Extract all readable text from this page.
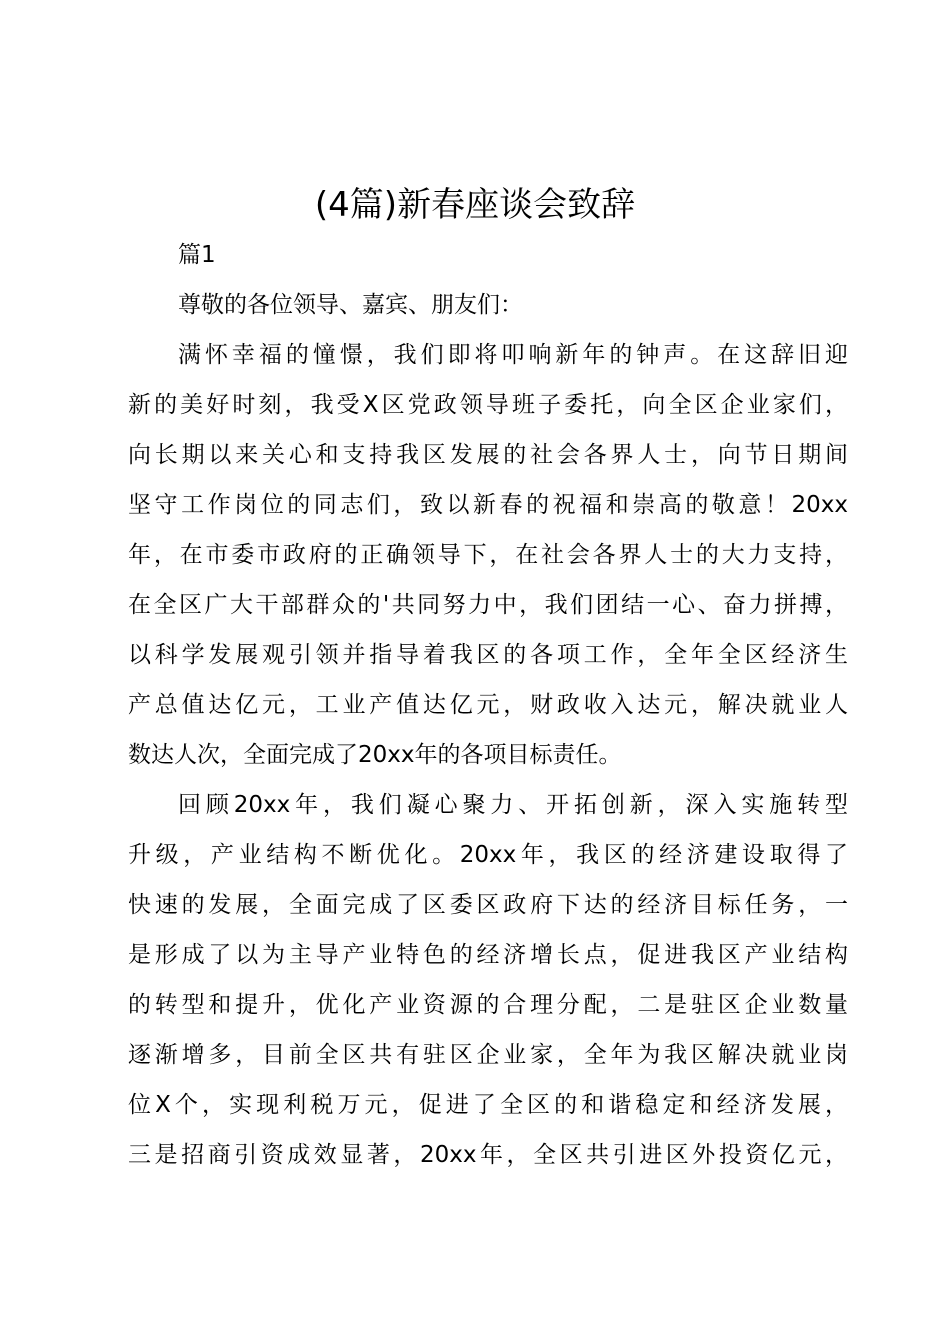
(4篇)新春座谈会致辞
篇1
尊敬的各位领导、嘉宾、朋友们：
满怀幸福的憧憬，我们即将叩响新年的钟声。在这辞旧迎
新的美好时刻，我受X区党政领导班子委托，向全区企业家们，
向长期以来关心和支持我区发展的社会各界人士，向节日期间
坚守工作岗位的同志们，致以新春的祝福和崇高的敬意！20xx
年，在市委市政府的正确领导下，在社会各界人士的大力支持，
在全区广大干部群众的'共同努力中，我们团结一心、奋力拼搏，
以科学发展观引领并指导着我区的各项工作，全年全区经济生
产总值达亿元，工业产值达亿元，财政收入达元，解决就业人
数达人次，全面完成了20xx年的各项目标责任。
回顾20xx年，我们凝心聚力、开拓创新，深入实施转型
升级，产业结构不断优化。20xx年，我区的经济建设取得了
快速的发展，全面完成了区委区政府下达的经济目标任务，一
是形成了以为主导产业特色的经济增长点，促进我区产业结构
的转型和提升，优化产业资源的合理分配，二是驻区企业数量
逐渐增多，目前全区共有驻区企业家，全年为我区解决就业岗
位X个，实现利税万元，促进了全区的和谐稳定和经济发展，
三是招商引资成效显著，20xx年，全区共引进区外投资亿元，
